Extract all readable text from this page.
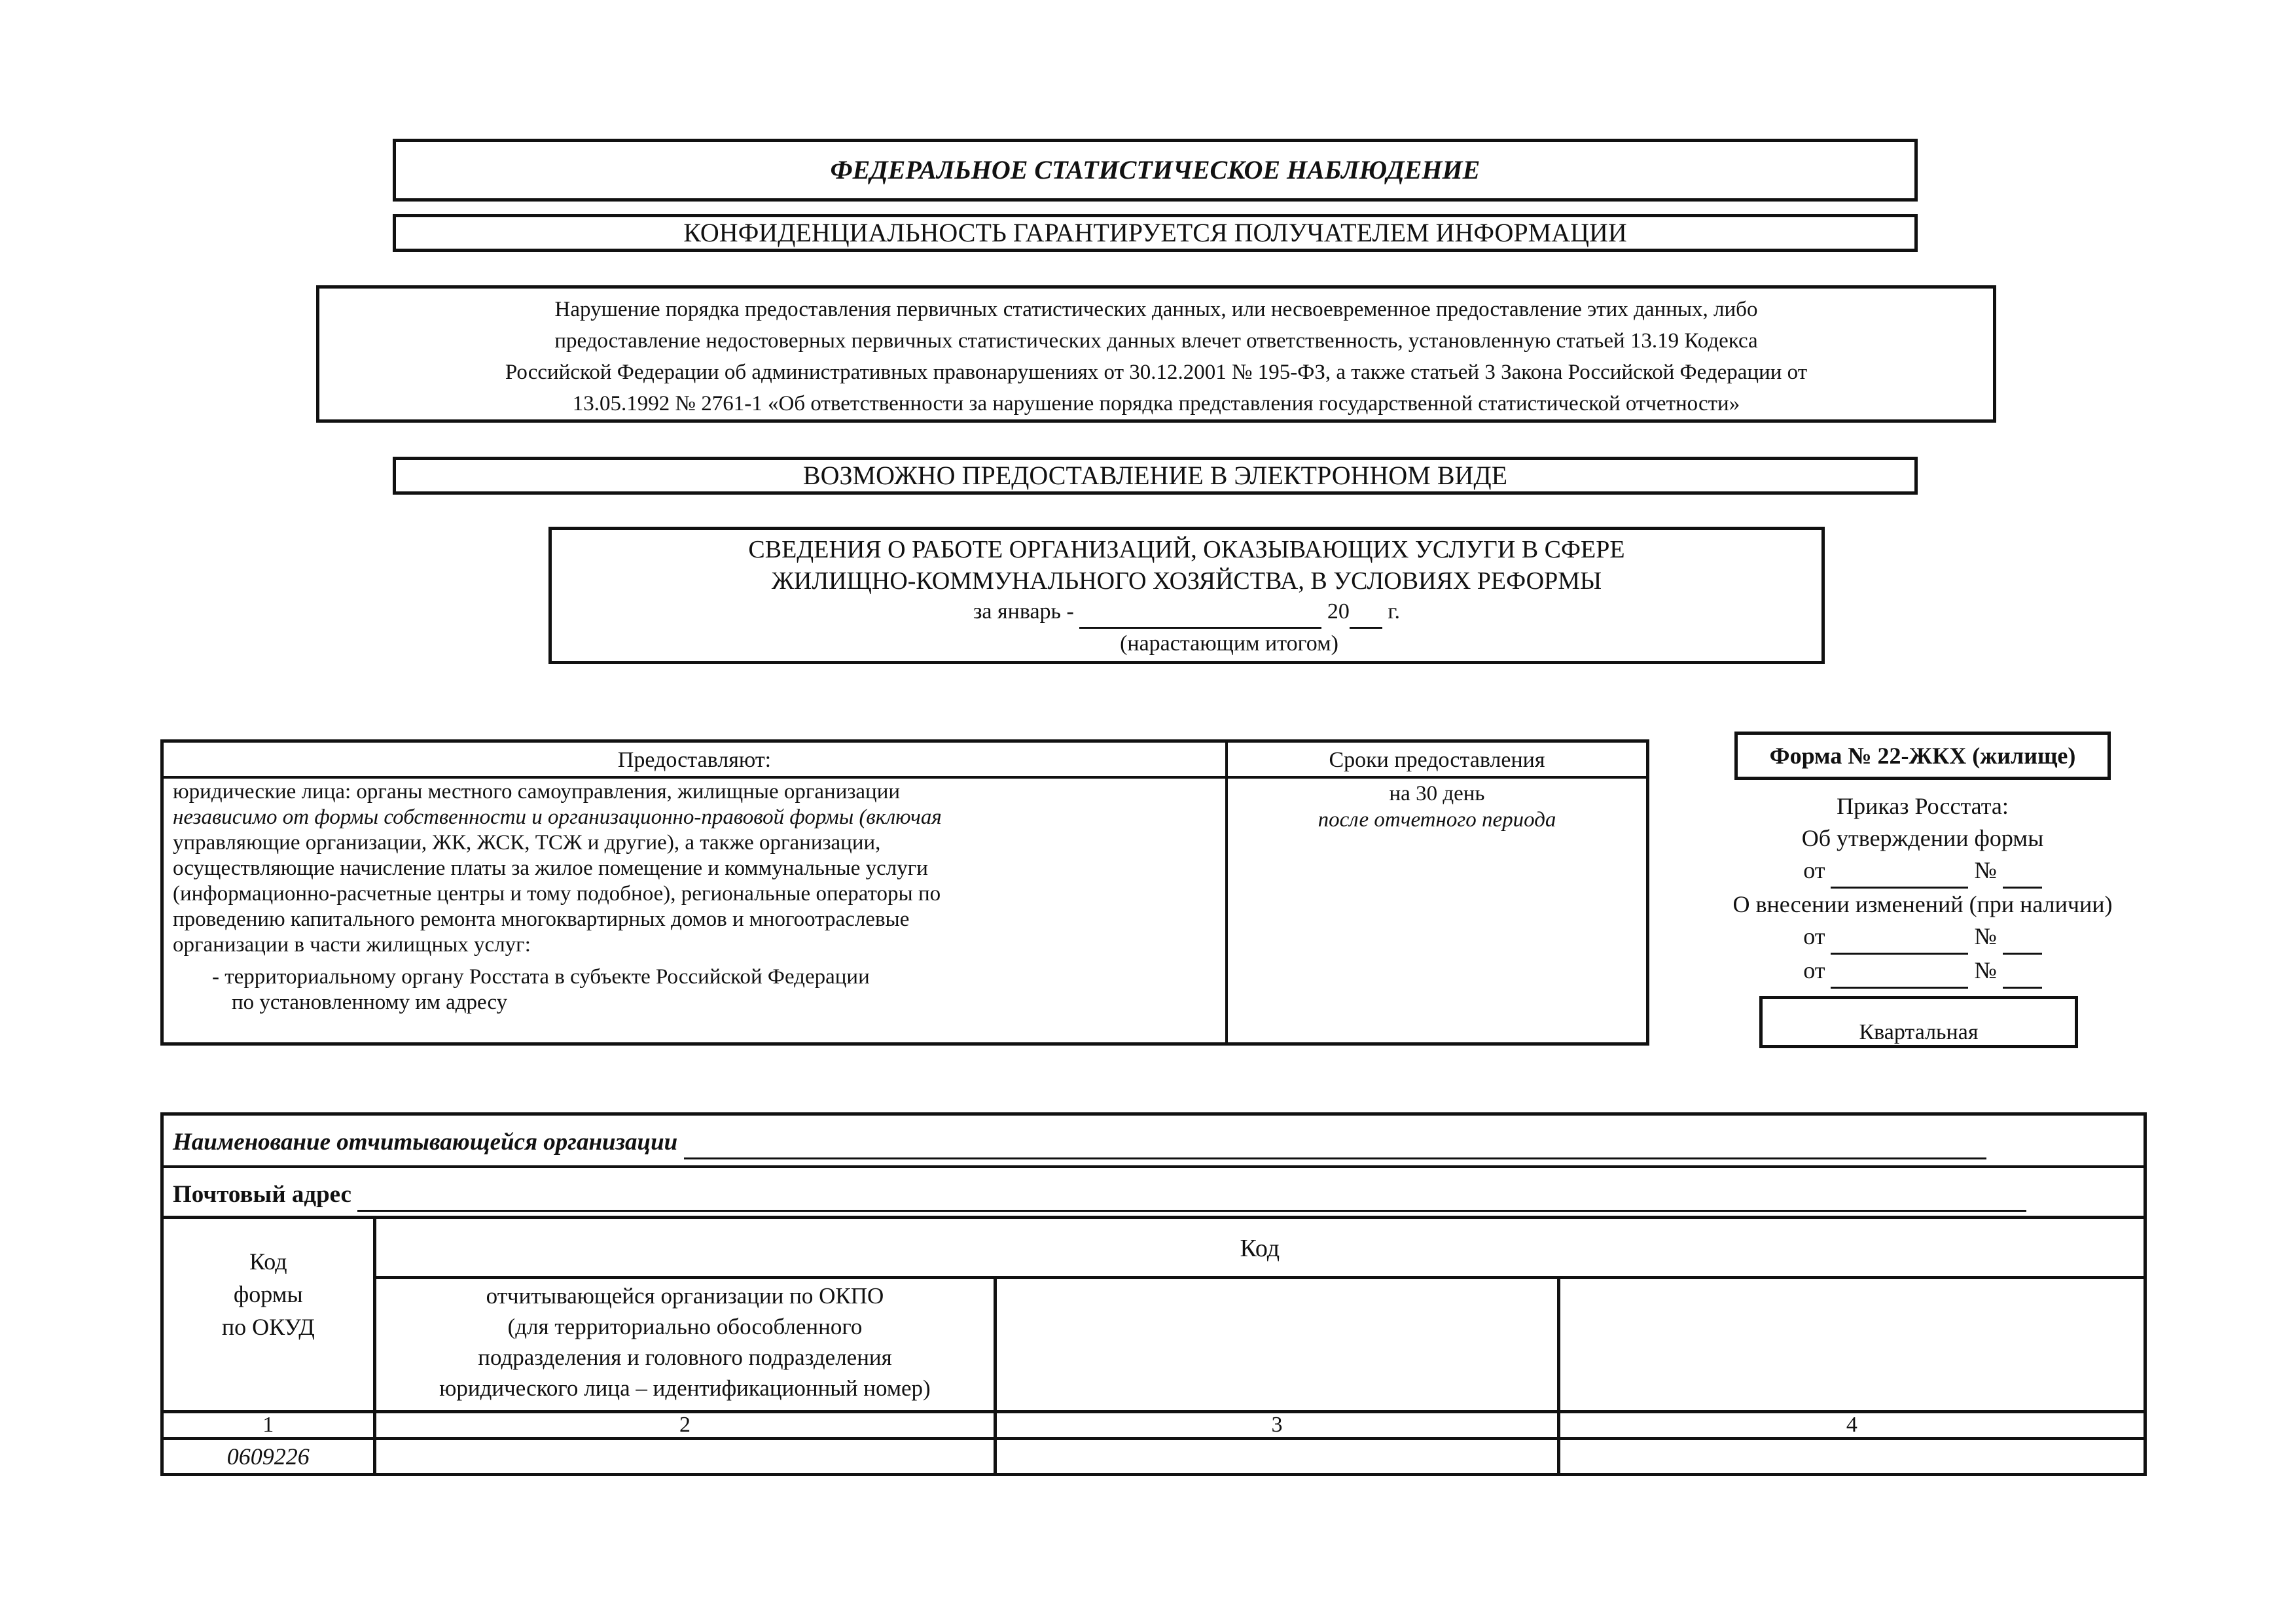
ФЕДЕРАЛЬНОЕ СТАТИСТИЧЕСКОЕ НАБЛЮДЕНИЕ
КОНФИДЕНЦИАЛЬНОСТЬ ГАРАНТИРУЕТСЯ ПОЛУЧАТЕЛЕМ ИНФОРМАЦИИ
Нарушение порядка предоставления первичных статистических данных, или несвоевременное предоставление этих данных, либо
предоставление недостоверных первичных статистических данных влечет ответственность, установленную статьей 13.19 Кодекса
Российской Федерации об административных правонарушениях от 30.12.2001 № 195-ФЗ, а также статьей 3 Закона Российской Федерации от
13.05.1992 № 2761-1 «Об ответственности за нарушение порядка представления государственной статистической отчетности»
ВОЗМОЖНО ПРЕДОСТАВЛЕНИЕ В ЭЛЕКТРОННОМ ВИДЕ
СВЕДЕНИЯ О РАБОТЕ ОРГАНИЗАЦИЙ, ОКАЗЫВАЮЩИХ УСЛУГИ В СФЕРЕ
ЖИЛИЩНО-КОММУНАЛЬНОГО ХОЗЯЙСТВА, В УСЛОВИЯХ РЕФОРМЫ
за январь -	20 г.
(нарастающим итогом)
Предоставляют:	Сроки предоставления
юридические лица: органы местного самоуправления, жилищные организации
независимо от формы собственности и организационно-правовой формы (включая
управляющие организации, ЖК, ЖСК, ТСЖ и другие), а также организации,
осуществляющие начисление платы за жилое помещение и коммунальные услуги
(информационно-расчетные центры и тому подобное), региональные операторы по
проведению капитального ремонта многоквартирных домов и многоотраслевые
организации в части жилищных услуг:
- территориальному органу Росстата в субъекте Российской Федерации
по установленному им адресу
на 30 день
после отчетного периода
Форма № 22-ЖКХ (жилище)
Приказ Росстата:
Об утверждении формы
от	№
О внесении изменений (при наличии)
от	№
от	№
Квартальная
Наименование отчитывающейся организации
Почтовый адрес
Код
формы
по ОКУД	Код		

	отчитывающейся организации по ОКПО
(для территориально обособленного
подразделения и головного подразделения
юридического лица – идентификационный номер)		

1	2	3	4
0609226			
